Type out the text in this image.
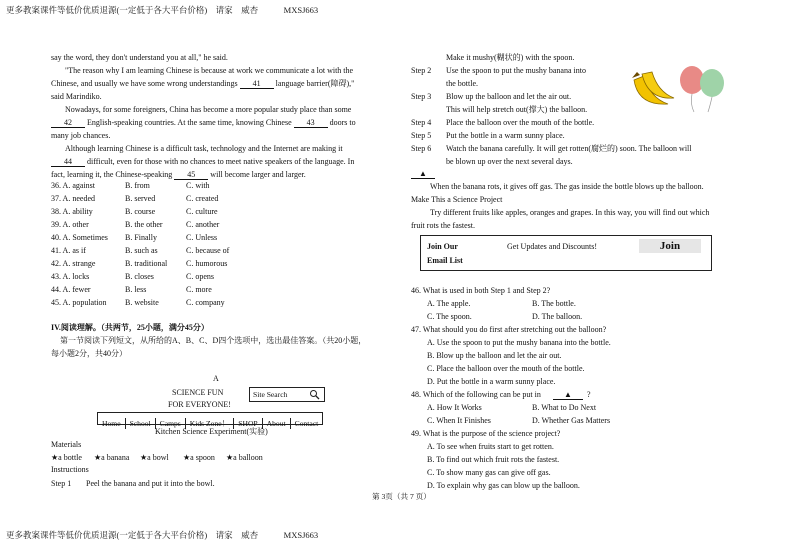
更多教案课件等低价优质退源(一定低于各大平台价格)　请家　威杏　　　MXSJ663
say the word, they don't understand you at all," he said.
"The reason why I am learning Chinese is because at work we communicate a lot with the
Chinese, and usually we have some wrong understandings 41 language barrier(障碍),"
said Marindiko.
Nowadays, for some foreigners, China has become a more popular study place than some
42 English-speaking countries. At the same time, knowing Chinese 43 doors to
many job chances.
Although learning Chinese is a difficult task, technology and the Internet are making it
44 difficult, even for those with no chances to meet native speakers of the language. In
fact, learning it, the Chinese-speaking 45 will become larger and larger.
IV.阅读理解。（共两节，25小题，满分45分）
第一节阅读下列短文，从所给的A、B、C、D四个选项中，选出最佳答案。（共20小题，
每小题2分，共40分）
A
SCIENCE FUN
FOR EVERYONE!
Site Search
Home School Camps Kids Zone！ SHOP About Contact
Kitchen Science Experiment(实验)
Materials
Instructions
Step 1 Peel the banana and put it into the bowl.
Make it mushy(糊状的) with the spoon.
▲
When the banana rots, it gives off gas. The gas inside the bottle blows up the balloon.
Make This a Science Project
Try different fruits like apples, oranges and grapes. In this way, you will find out which
fruit rots the fastest.
Join Our	Get Updates and Discounts!	Join
Email List
第 3页（共 7 页）
更多教案课件等低价优质退源(一定低于各大平台价格)　请家　威杏　　　MXSJ663
36. A. against	B. from	C. with
37. A. needed	B. served	C. created
38. A. ability	B. course	C. culture
39. A. other	B. the other	C. another
40. A. Sometimes B. Finally	C. Unless
41. A. as if	B. such as	C. because of
42. A. strange	B. traditional C. humorous
43. A. locks	B. closes	C. opens
44. A. fewer	B. less	C. more
45. A. population B. website	C. company
★a bottle ★a banana ★a bowl ★a spoon ★a balloon
Step 2 Use the spoon to put the mushy banana into
the bottle.
Step 3 Blow up the balloon and let the air out.
This will help stretch out(撑大) the balloon.
Step 4 Place the balloon over the mouth of the bottle.
Step 5 Put the bottle in a warm sunny place.
Step 6 Watch the banana carefully. It will get rotten(腐烂的) soon. The balloon will
be blown up over the next several days.
46. What is used in both Step 1 and Step 2?
A. The apple.	B. The bottle.
C. The spoon.	D. The balloon.
47. What should you do first after stretching out the balloon?
A. Use the spoon to put the mushy banana into the bottle.
B. Blow up the balloon and let the air out.
C. Place the balloon over the mouth of the bottle.
D. Put the bottle in a warm sunny place.
48. Which of the following can be put in	▲ ?
A. How It Works	B. What to Do Next
C. When It Finishes	D. Whether Gas Matters
49. What is the purpose of the science project?
A. To see when fruits start to get rotten.
B. To find out which fruit rots the fastest.
C. To show many gas can give off gas.
D. To explain why gas can blow up the balloon.
